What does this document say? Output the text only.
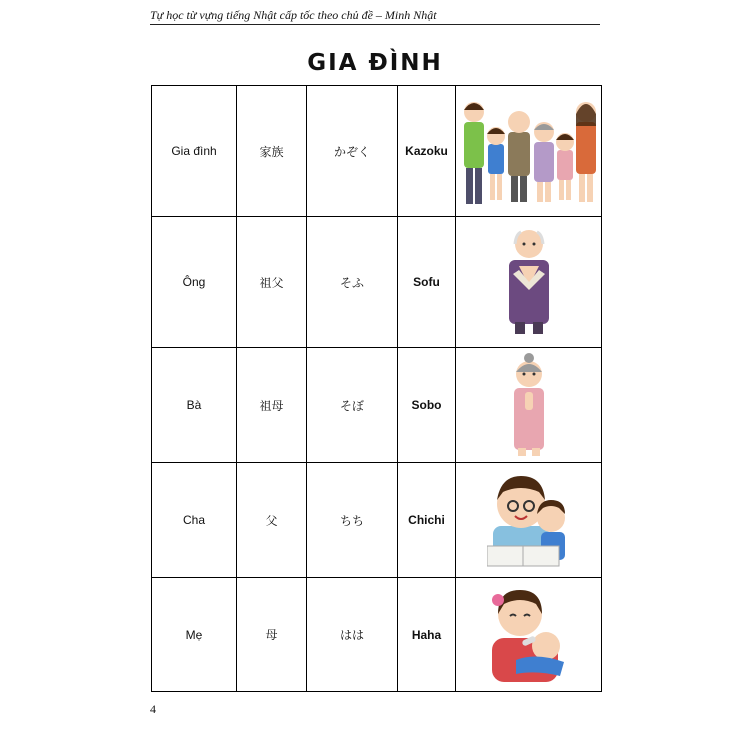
Tự học từ vựng tiếng Nhật cấp tốc theo chủ đề – Minh Nhật
GIA ĐÌNH
Gia đình	家族	かぞく	Kazoku	

Ông	祖父	そふ	Sofu	

Bà	祖母	そぼ	Sobo	

Cha	父	ちち	Chichi	

Mẹ	母	はは	Haha	
4
